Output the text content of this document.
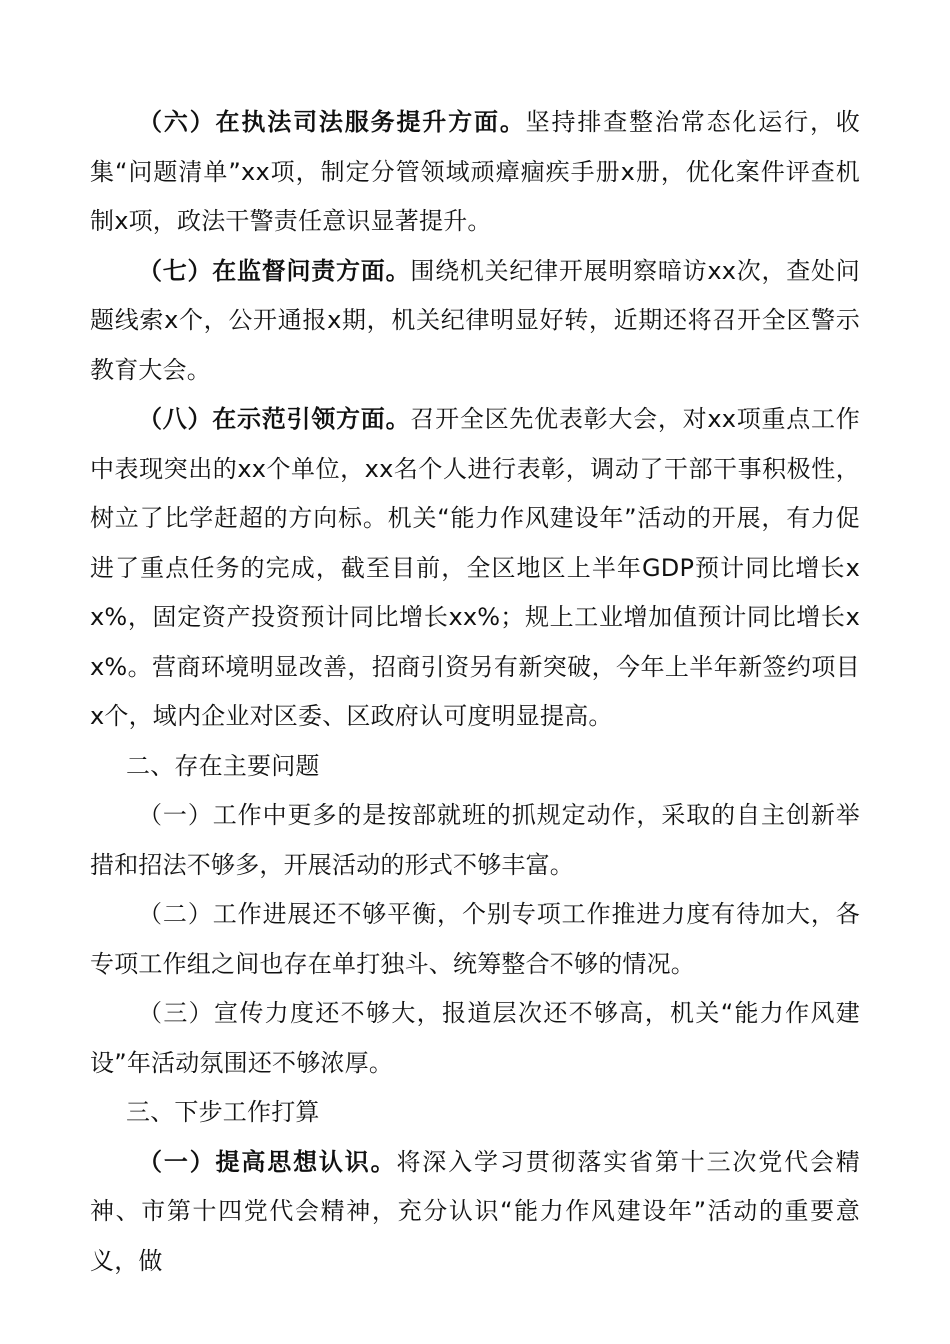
（六）在执法司法服务提升方面。坚持排查整治常态化运行，收集“问题清单”xx项，制定分管领域顽瘴痼疾手册x册，优化案件评查机制x项，政法干警责任意识显著提升。

（七）在监督问责方面。围绕机关纪律开展明察暗访xx次，查处问题线索x个，公开通报x期，机关纪律明显好转，近期还将召开全区警示教育大会。

（八）在示范引领方面。召开全区先优表彰大会，对xx项重点工作中表现突出的xx个单位，xx名个人进行表彰，调动了干部干事积极性，树立了比学赶超的方向标。机关“能力作风建设年”活动的开展，有力促进了重点任务的完成，截至目前，全区地区上半年GDP预计同比增长xx%，固定资产投资预计同比增长xx%；规上工业增加值预计同比增长xx%。营商环境明显改善，招商引资另有新突破，今年上半年新签约项目x个，域内企业对区委、区政府认可度明显提高。

二、存在主要问题

（一）工作中更多的是按部就班的抓规定动作，采取的自主创新举措和招法不够多，开展活动的形式不够丰富。

（二）工作进展还不够平衡，个别专项工作推进力度有待加大，各专项工作组之间也存在单打独斗、统筹整合不够的情况。

（三）宣传力度还不够大，报道层次还不够高，机关“能力作风建设”年活动氛围还不够浓厚。

三、下步工作打算

（一）提高思想认识。将深入学习贯彻落实省第十三次党代会精神、市第十四党代会精神，充分认识“能力作风建设年”活动的重要意义，做
